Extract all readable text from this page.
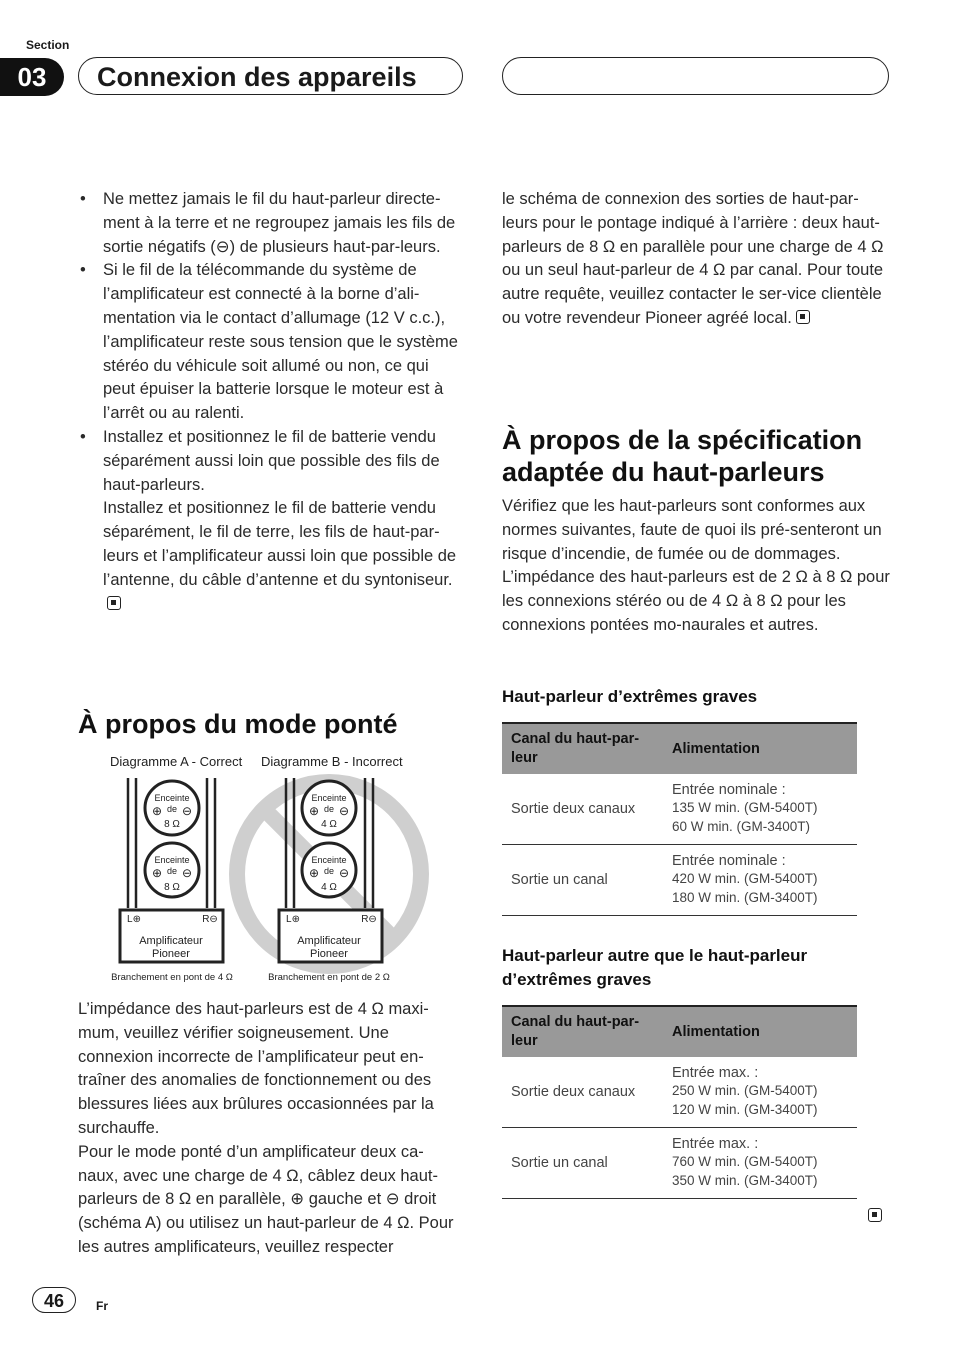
Section
03	Connexion des appareils
• Ne mettez jamais le fil du haut-parleur directe-ment à la terre et ne regroupez jamais les fils de sortie négatifs (⊖) de plusieurs haut-par-leurs.
• Si le fil de la télécommande du système de l’amplificateur est connecté à la borne d’ali-mentation via le contact d’allumage (12 V c.c.), l’amplificateur reste sous tension que le système stéréo du véhicule soit allumé ou non, ce qui peut épuiser la batterie lorsque le moteur est à l’arrêt ou au ralenti.
• Installez et positionnez le fil de batterie vendu séparément aussi loin que possible des fils de haut-parleurs.

Installez et positionnez le fil de batterie vendu séparément, le fil de terre, les fils de haut-par-leurs et l’amplificateur aussi loin que possible de l’antenne, du câble d’antenne et du syntoniseur.

À propos du mode ponté
Diagramme A - Correct Diagramme B - Incorrect
Enceinte
de
⊕ ⊖
8 Ω
Enceinte
de
⊕ ⊖
8 Ω
L⊕	R⊖
Amplificateur
Pioneer
Branchement en pont de 4 Ω
Enceinte
de
⊕ ⊖
4 Ω
Enceinte
de
⊕ ⊖
4 Ω
L⊕	R⊖
Amplificateur
Pioneer
Branchement en pont de 2 Ω

L’impédance des haut-parleurs est de 4 Ω maxi-mum, veuillez vérifier soigneusement. Une connexion incorrecte de l’amplificateur peut en-traîner des anomalies de fonctionnement ou des blessures liées aux brûlures occasionnées par la surchauffe.

Pour le mode ponté d’un amplificateur deux ca-naux, avec une charge de 4 Ω, câblez deux haut-parleurs de 8 Ω en parallèle, ⊕ gauche et ⊖ droit (schéma A) ou utilisez un haut-parleur de 4 Ω. Pour les autres amplificateurs, veuillez respecter

le schéma de connexion des sorties de haut-par-leurs pour le pontage indiqué à l’arrière : deux haut-parleurs de 8 Ω en parallèle pour une charge de 4 Ω ou un seul haut-parleur de 4 Ω par canal. Pour toute autre requête, veuillez contacter le ser-vice clientèle ou votre revendeur Pioneer agréé local.

À propos de la spécification adaptée du haut-parleurs
Vérifiez que les haut-parleurs sont conformes aux normes suivantes, faute de quoi ils pré-senteront un risque d’incendie, de fumée ou de dommages. L’impédance des haut-parleurs est de 2 Ω à 8 Ω pour les connexions stéréo ou de 4 Ω à 8 Ω pour les connexions pontées mo-naurales et autres.
Haut-parleur d’extrêmes graves
Canal du haut-par-leur	Alimentation
Sortie deux canaux	Entrée nominale :
135 W min. (GM-5400T)
60 W min. (GM-3400T)

Sortie un canal	Entrée nominale :
420 W min. (GM-5400T)
180 W min. (GM-3400T)
Haut-parleur autre que le haut-parleur d’extrêmes graves
Canal du haut-par-leur	Alimentation
Sortie deux canaux	Entrée max. :
250 W min. (GM-5400T)
120 W min. (GM-3400T)

Sortie un canal	Entrée max. :
760 W min. (GM-5400T)
350 W min. (GM-3400T)
46	Fr
